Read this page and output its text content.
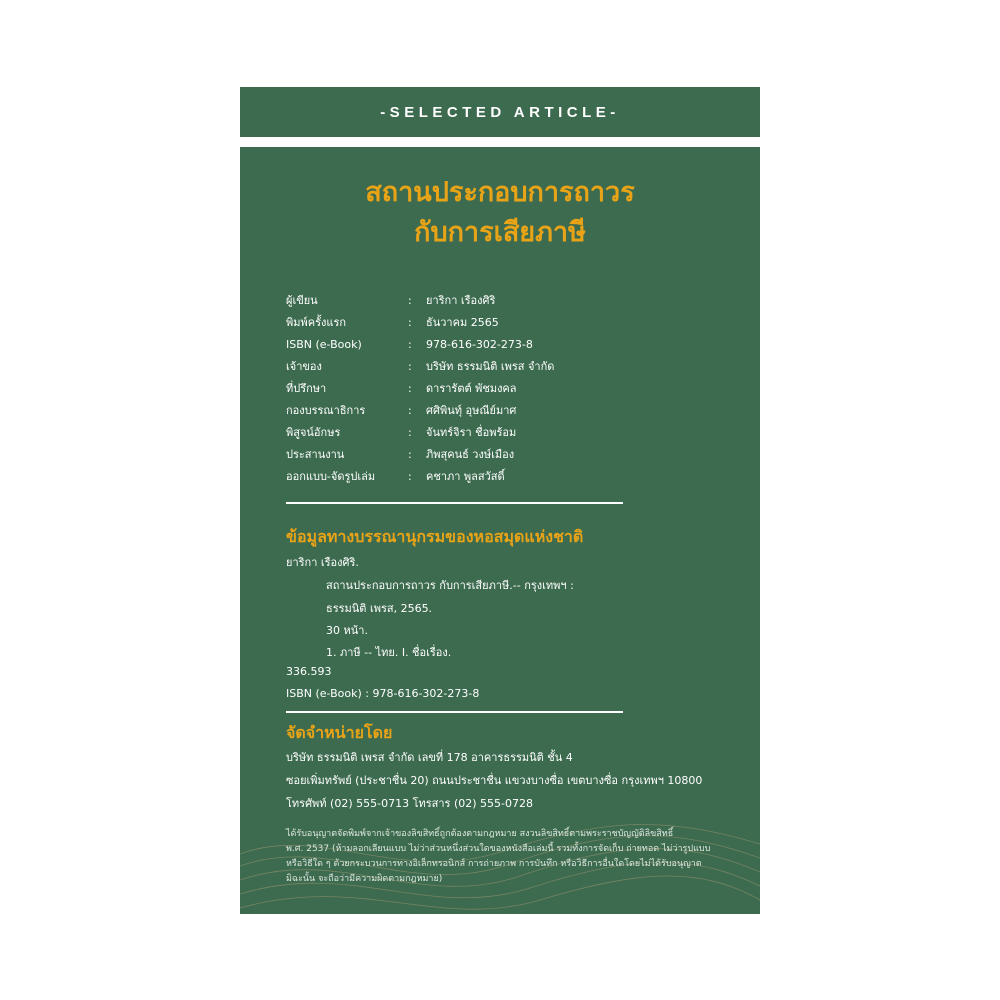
-SELECTED ARTICLE-
สถานประกอบการถาวร
กับการเสียภาษี
ผู้เขียน	:	ยาริกา เรืองศิริ
พิมพ์ครั้งแรก	:	ธันวาคม 2565
ISBN (e-Book)	:	978-616-302-273-8
เจ้าของ	:	บริษัท ธรรมนิติ เพรส จำกัด
ที่ปรึกษา	:	ดารารัตต์ พัชมงคล
กองบรรณาธิการ	:	ศศิพินทุ์ อุษณีย์มาศ
พิสูจน์อักษร	:	จันทร์จิรา ชื่อพร้อม
ประสานงาน	:	ภิพสุคนธ์ วงษ์เมือง
ออกแบบ-จัดรูปเล่ม	:	คชาภา พูลสวัสดิ์
ข้อมูลทางบรรณานุกรมของหอสมุดแห่งชาติ
ยาริกา เรืองศิริ.
สถานประกอบการถาวร กับการเสียภาษี.-- กรุงเทพฯ :
ธรรมนิติ เพรส, 2565.
30 หน้า.
1. ภาษี -- ไทย. I. ชื่อเรื่อง.
336.593
ISBN (e-Book) : 978-616-302-273-8
จัดจำหน่ายโดย
บริษัท ธรรมนิติ เพรส จำกัด เลขที่ 178 อาคารธรรมนิติ ชั้น 4
ซอยเพิ่มทรัพย์ (ประชาชื่น 20) ถนนประชาชื่น แขวงบางซื่อ เขตบางซื่อ กรุงเทพฯ 10800
โทรศัพท์ (02) 555-0713 โทรสาร (02) 555-0728

ได้รับอนุญาตจัดพิมพ์จากเจ้าของลิขสิทธิ์ถูกต้องตามกฎหมาย สงวนลิขสิทธิ์ตามพระราชบัญญัติลิขสิทธิ์

พ.ศ. 2537 (ห้ามลอกเลียนแบบ ไม่ว่าส่วนหนึ่งส่วนใดของหนังสือเล่มนี้ รวมทั้งการจัดเก็บ ถ่ายทอด ไม่ว่ารูปแบบ

หรือวิธีใด ๆ ด้วยกระบวนการทางอิเล็กทรอนิกส์ การถ่ายภาพ การบันทึก หรือวิธีการอื่นใดโดยไม่ได้รับอนุญาต

มิฉะนั้น จะถือว่ามีความผิดตามกฎหมาย)
